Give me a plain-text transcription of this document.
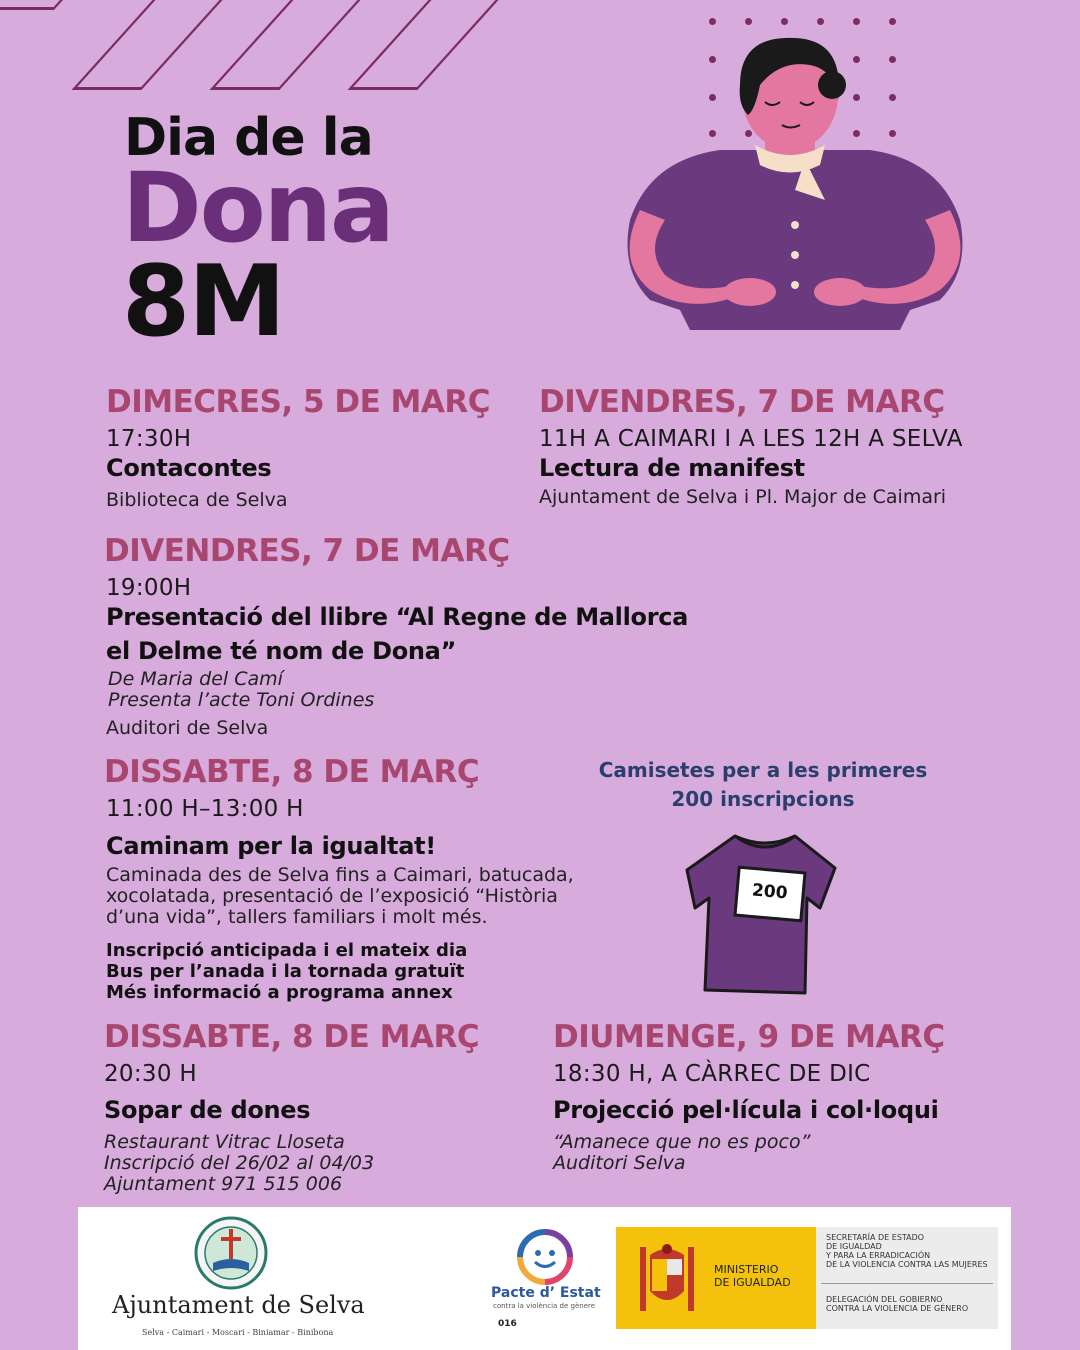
Dia de la
Dona
8M
DIMECRES, 5 DE MARÇ
17:30H
Contacontes
Biblioteca de Selva
DIVENDRES, 7 DE MARÇ
11H A CAIMARI I A LES 12H A SELVA
Lectura de manifest
Ajuntament de Selva i Pl. Major de Caimari
DIVENDRES, 7 DE MARÇ
19:00H
Presentació del llibre “Al Regne de Mallorca
el Delme té nom de Dona”
De Maria del Camí
Presenta l’acte Toni Ordines
Auditori de Selva
DISSABTE, 8 DE MARÇ
11:00 H–13:00 H
Caminam per la igualtat!
Caminada des de Selva fins a Caimari, batucada,
xocolatada, presentació de l’exposició “Història
d’una vida”, tallers familiars i molt més.
Inscripció anticipada i el mateix dia
Bus per l’anada i la tornada gratuït
Més informació a programa annex
Camisetes per a les primeres
200 inscripcions
200
DISSABTE, 8 DE MARÇ
20:30 H
Sopar de dones
Restaurant Vitrac Lloseta
Inscripció del 26/02 al 04/03
Ajuntament 971 515 006
DIUMENGE, 9 DE MARÇ
18:30 H, A CÀRREC DE DIC
Projecció pel·lícula i col·loqui
“Amanece que no es poco”
Auditori Selva
Ajuntament de Selva
Selva - Caimari - Moscari - Biniamar - Binibona
Pacte d’ Estat
contra la violència de gènere
016
MINISTERIO
DE IGUALDAD
SECRETARÍA DE ESTADO
DE IGUALDAD
Y PARA LA ERRADICACIÓN
DE LA VIOLENCIA CONTRA LAS MUJERES
DELEGACIÓN DEL GOBIERNO
CONTRA LA VIOLENCIA DE GÉNERO
